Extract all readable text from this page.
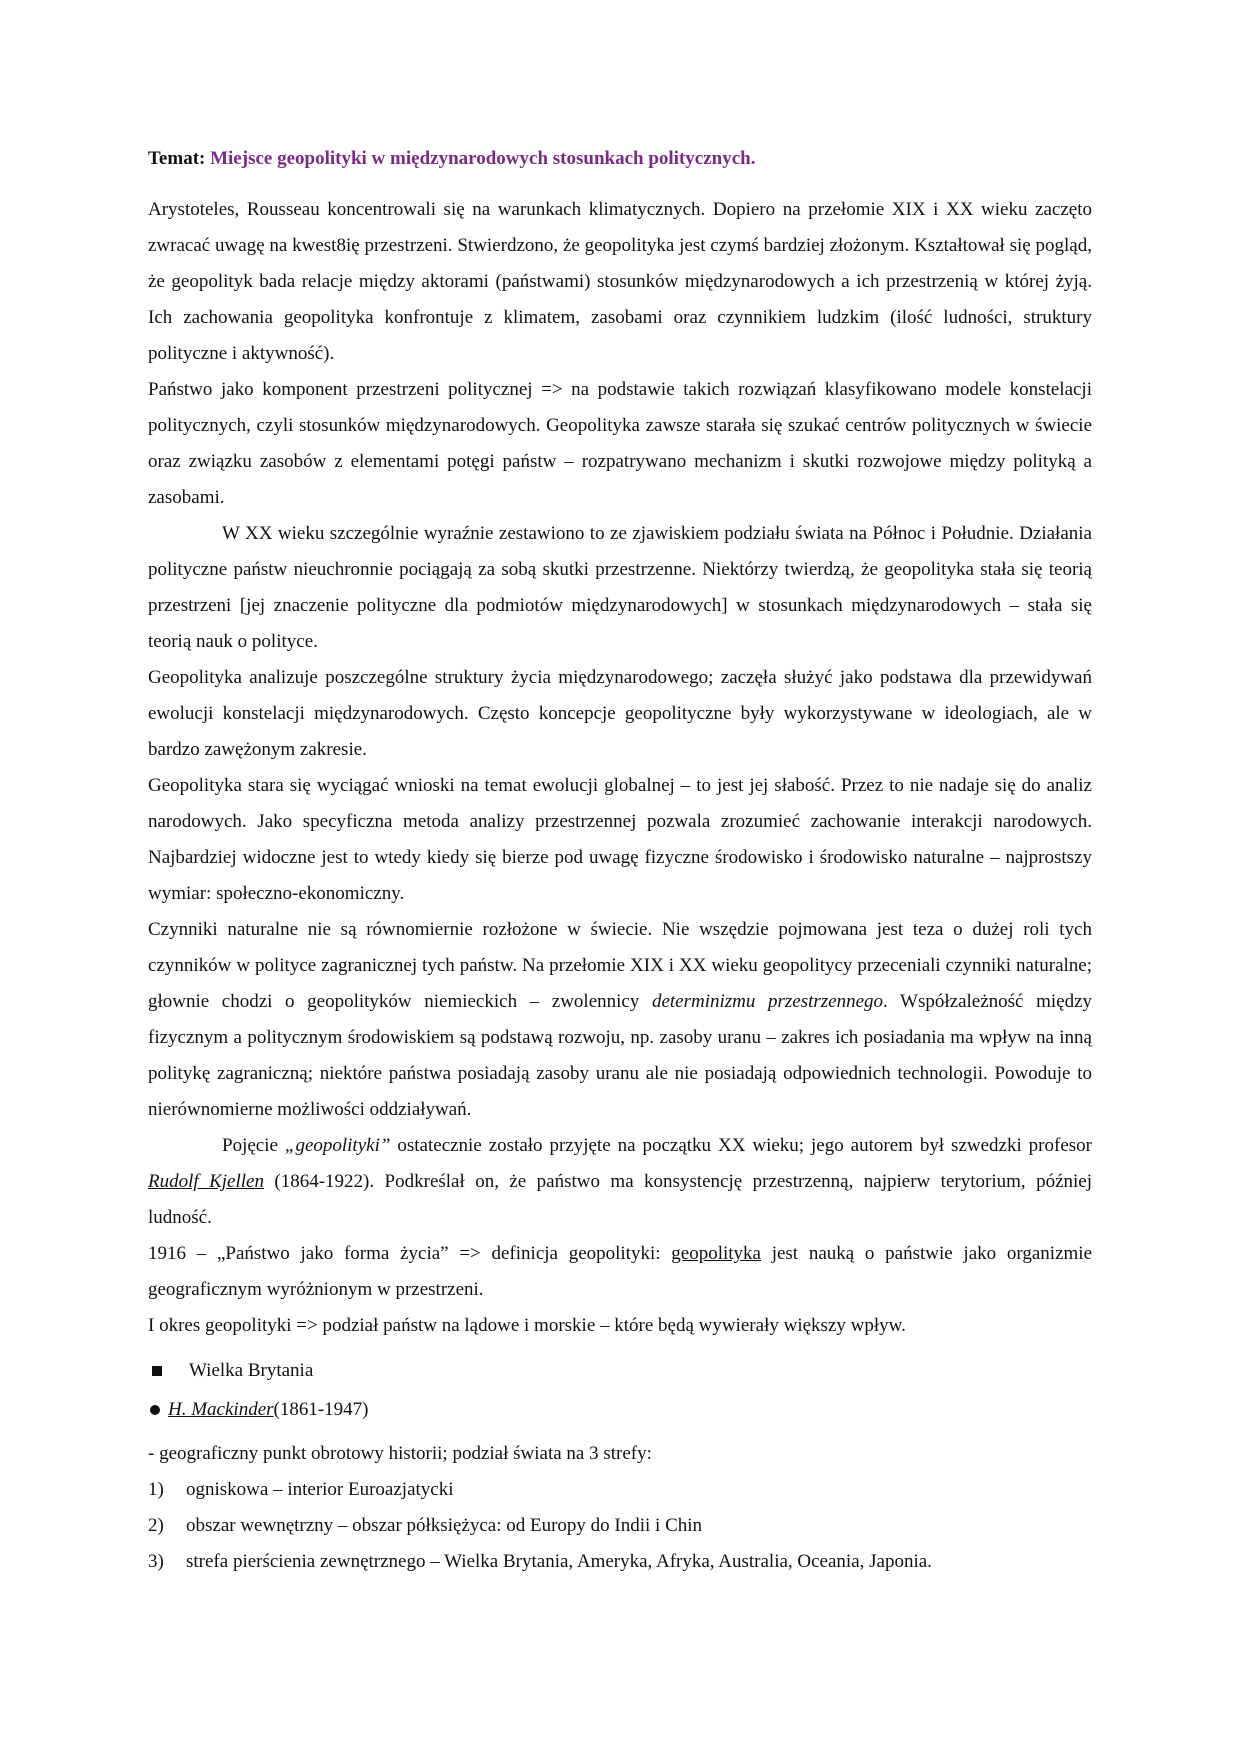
Temat: Miejsce geopolityki w międzynarodowych stosunkach politycznych.

Arystoteles, Rousseau koncentrowali się na warunkach klimatycznych. Dopiero na przełomie XIX i XX wieku zaczęto zwracać uwagę na kwest8ię przestrzeni. Stwierdzono, że geopolityka jest czymś bardziej złożonym. Kształtował się pogląd, że geopolityk bada relacje między aktorami (państwami) stosunków międzynarodowych a ich przestrzenią w której żyją. Ich zachowania geopolityka konfrontuje z klimatem, zasobami oraz czynnikiem ludzkim (ilość ludności, struktury polityczne i aktywność).

Państwo jako komponent przestrzeni politycznej => na podstawie takich rozwiązań klasyfikowano modele konstelacji politycznych, czyli stosunków międzynarodowych. Geopolityka zawsze starała się szukać centrów politycznych w świecie oraz związku zasobów z elementami potęgi państw – rozpatrywano mechanizm i skutki rozwojowe między polityką a zasobami.

W XX wieku szczególnie wyraźnie zestawiono to ze zjawiskiem podziału świata na Północ i Południe. Działania polityczne państw nieuchronnie pociągają za sobą skutki przestrzenne. Niektórzy twierdzą, że geopolityka stała się teorią przestrzeni [jej znaczenie polityczne dla podmiotów międzynarodowych] w stosunkach międzynarodowych – stała się teorią nauk o polityce.

Geopolityka analizuje poszczególne struktury życia międzynarodowego; zaczęła służyć jako podstawa dla przewidywań ewolucji konstelacji międzynarodowych. Często koncepcje geopolityczne były wykorzystywane w ideologiach, ale w bardzo zawężonym zakresie.

Geopolityka stara się wyciągać wnioski na temat ewolucji globalnej – to jest jej słabość. Przez to nie nadaje się do analiz narodowych. Jako specyficzna metoda analizy przestrzennej pozwala zrozumieć zachowanie interakcji narodowych. Najbardziej widoczne jest to wtedy kiedy się bierze pod uwagę fizyczne środowisko i środowisko naturalne – najprostszy wymiar: społeczno-ekonomiczny.

Czynniki naturalne nie są równomiernie rozłożone w świecie. Nie wszędzie pojmowana jest teza o dużej roli tych czynników w polityce zagranicznej tych państw. Na przełomie XIX i XX wieku geopolitycy przeceniali czynniki naturalne; głownie chodzi o geopolityków niemieckich – zwolennicy determinizmu przestrzennego. Współzależność między fizycznym a politycznym środowiskiem są podstawą rozwoju, np. zasoby uranu – zakres ich posiadania ma wpływ na inną politykę zagraniczną; niektóre państwa posiadają zasoby uranu ale nie posiadają odpowiednich technologii. Powoduje to nierównomierne możliwości oddziaływań.

Pojęcie „geopolityki” ostatecznie zostało przyjęte na początku XX wieku; jego autorem był szwedzki profesor Rudolf Kjellen (1864-1922). Podkreślał on, że państwo ma konsystencję przestrzenną, najpierw terytorium, później ludność.

1916 – „Państwo jako forma życia” => definicja geopolityki: geopolityka jest nauką o państwie jako organizmie geograficznym wyróżnionym w przestrzeni.

I okres geopolityki => podział państw na lądowe i morskie – które będą wywierały większy wpływ.

Wielka Brytania
H. Mackinder (1861-1947)

- geograficzny punkt obrotowy historii; podział świata na 3 strefy:

1) ogniskowa – interior Euroazjatycki

2) obszar wewnętrzny – obszar półksiężyca: od Europy do Indii i Chin

3) strefa pierścienia zewnętrznego – Wielka Brytania, Ameryka, Afryka, Australia, Oceania, Japonia.
